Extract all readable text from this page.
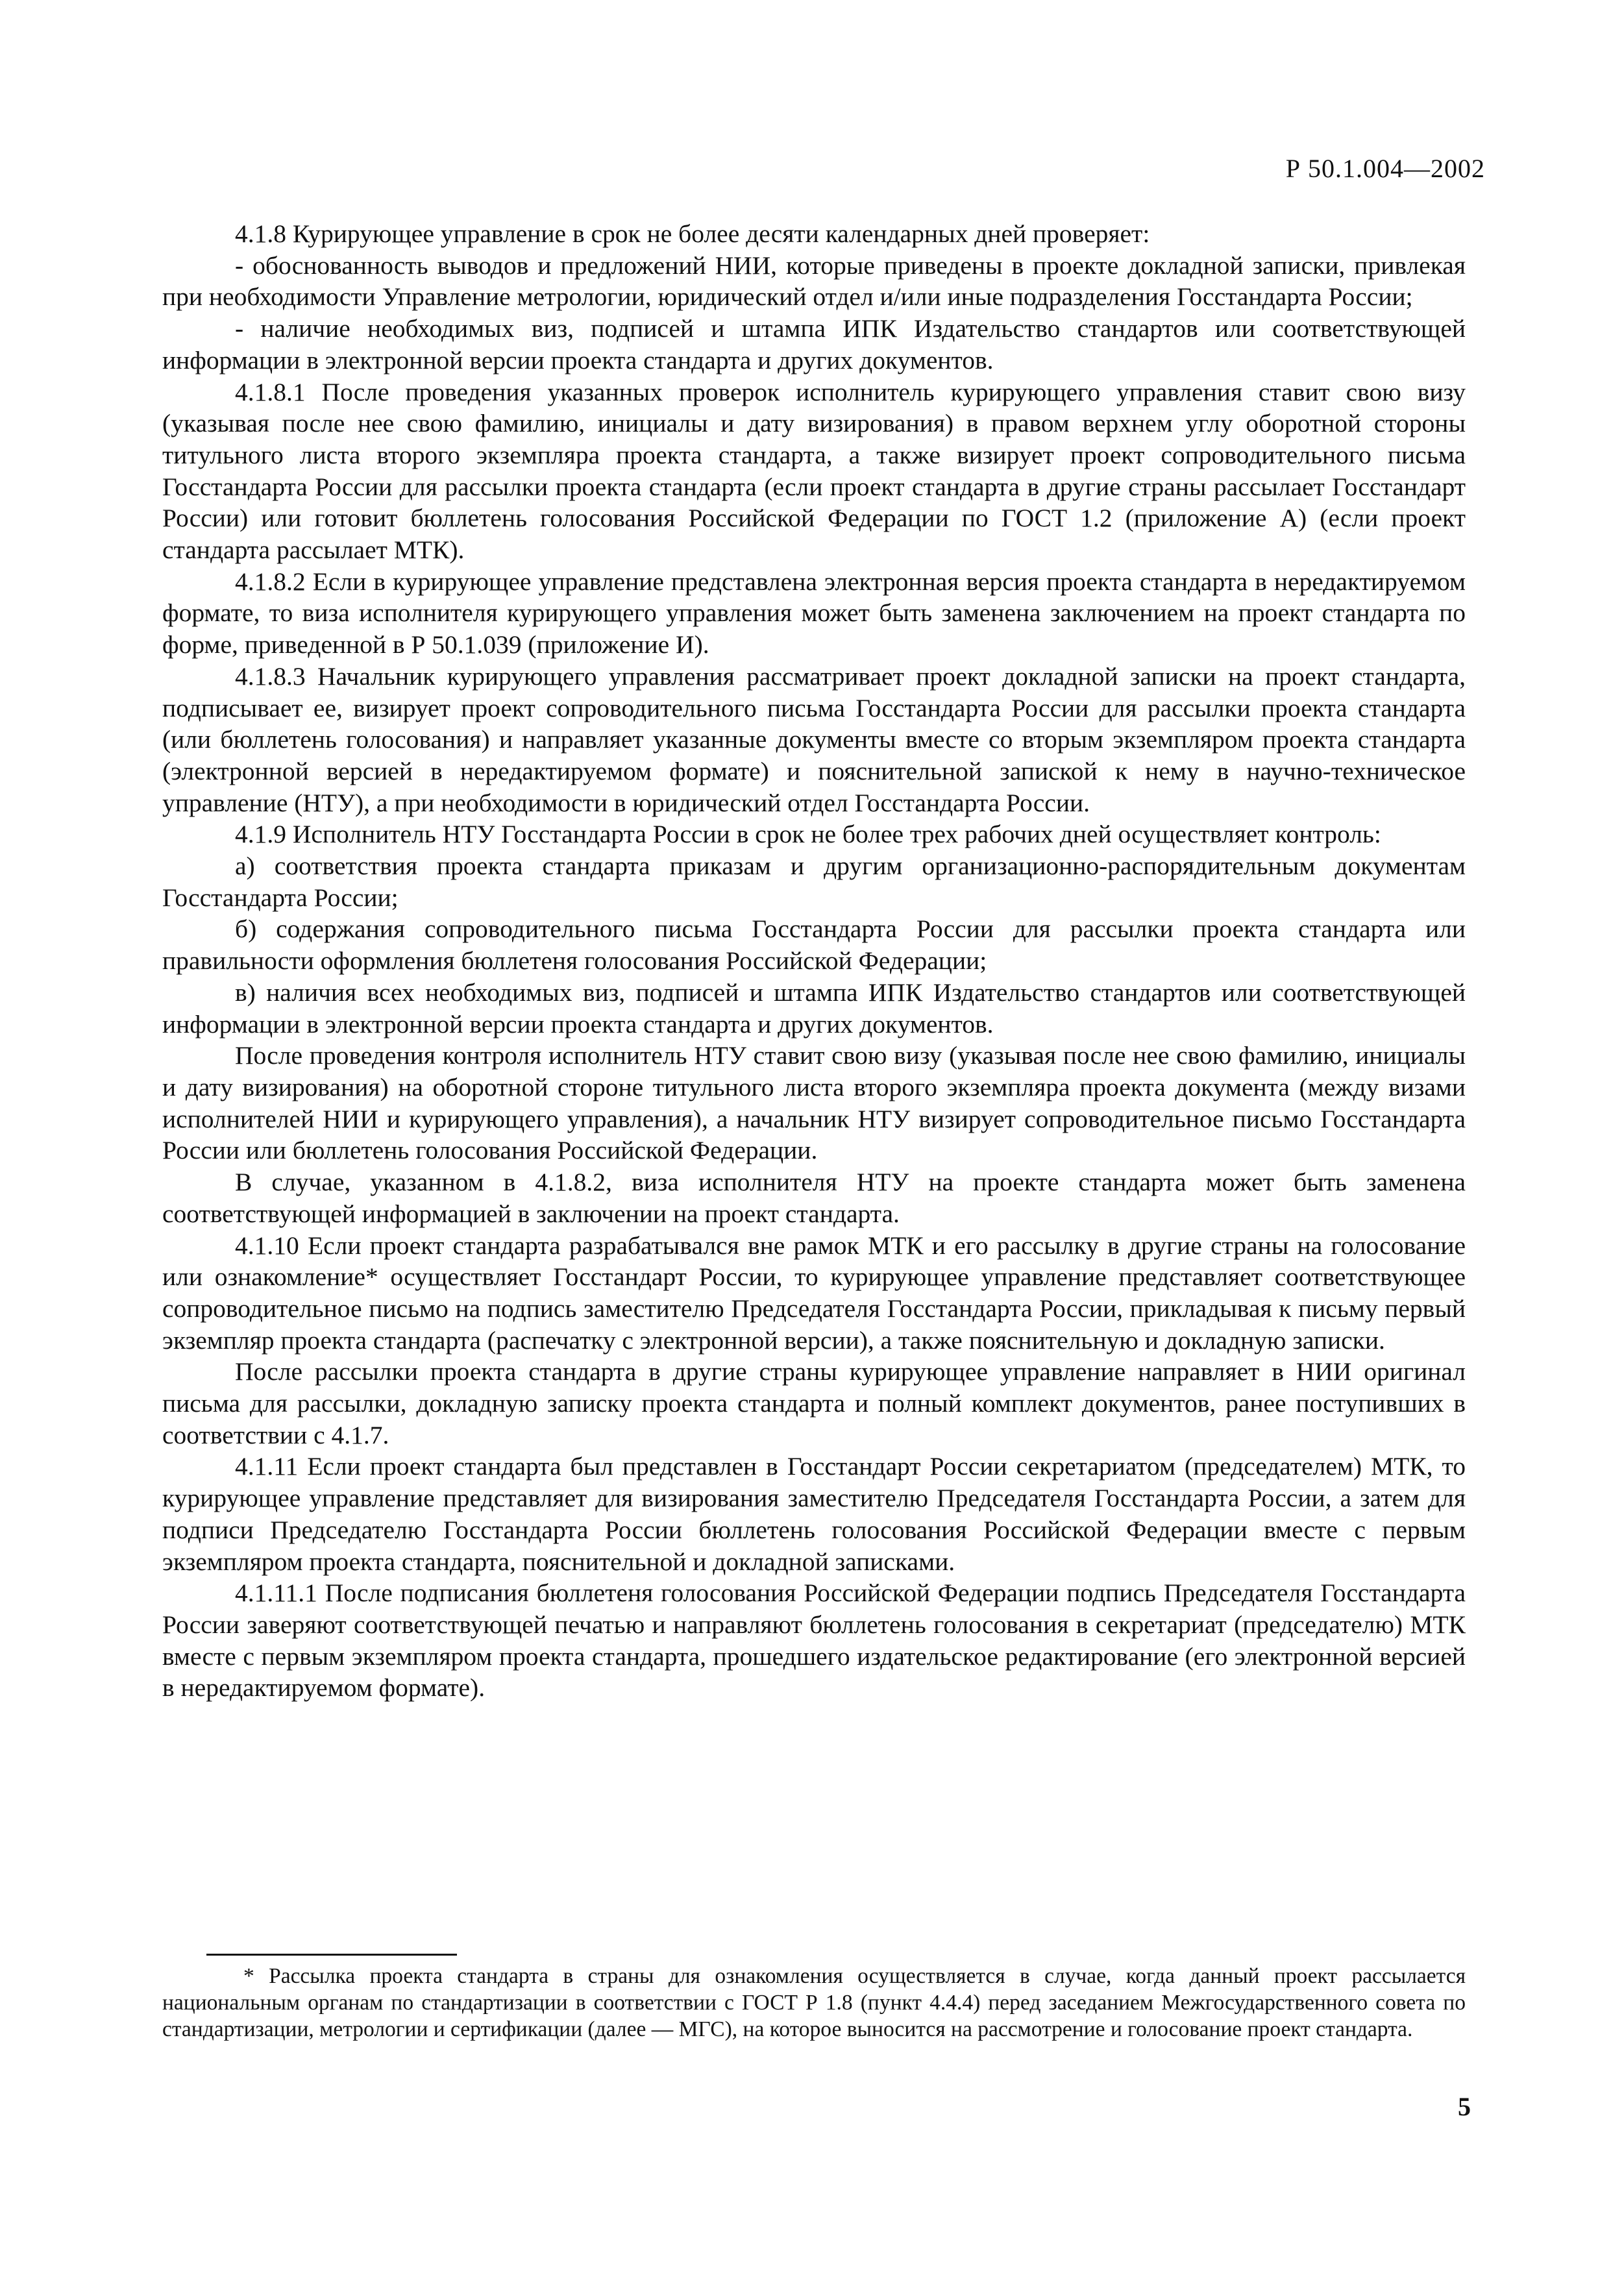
Р 50.1.004—2002

4.1.8 Курирующее управление в срок не более десяти календарных дней проверяет:

- обоснованность выводов и предложений НИИ, которые приведены в проекте докладной записки, привлекая при необходимости Управление метрологии, юридический отдел и/или иные подразделения Госстандарта России;

- наличие необходимых виз, подписей и штампа ИПК Издательство стандартов или соответствующей информации в электронной версии проекта стандарта и других документов.

4.1.8.1 После проведения указанных проверок исполнитель курирующего управления ставит свою визу (указывая после нее свою фамилию, инициалы и дату визирования) в правом верхнем углу оборотной стороны титульного листа второго экземпляра проекта стандарта, а также визирует проект сопроводительного письма Госстандарта России для рассылки проекта стандарта (если проект стандарта в другие страны рассылает Госстандарт России) или готовит бюллетень голосования Российской Федерации по ГОСТ 1.2 (приложение А) (если проект стандарта рассылает МТК).

4.1.8.2 Если в курирующее управление представлена электронная версия проекта стандарта в нередактируемом формате, то виза исполнителя курирующего управления может быть заменена заключением на проект стандарта по форме, приведенной в Р 50.1.039 (приложение И).

4.1.8.3 Начальник курирующего управления рассматривает проект докладной записки на проект стандарта, подписывает ее, визирует проект сопроводительного письма Госстандарта России для рассылки проекта стандарта (или бюллетень голосования) и направляет указанные документы вместе со вторым экземпляром проекта стандарта (электронной версией в нередактируемом формате) и пояснительной запиской к нему в научно-техническое управление (НТУ), а при необходимости в юридический отдел Госстандарта России.

4.1.9 Исполнитель НТУ Госстандарта России в срок не более трех рабочих дней осуществляет контроль:

а) соответствия проекта стандарта приказам и другим организационно-распорядительным документам Госстандарта России;

б) содержания сопроводительного письма Госстандарта России для рассылки проекта стандарта или правильности оформления бюллетеня голосования Российской Федерации;

в) наличия всех необходимых виз, подписей и штампа ИПК Издательство стандартов или соответствующей информации в электронной версии проекта стандарта и других документов.

После проведения контроля исполнитель НТУ ставит свою визу (указывая после нее свою фамилию, инициалы и дату визирования) на оборотной стороне титульного листа второго экземпляра проекта документа (между визами исполнителей НИИ и курирующего управления), а начальник НТУ визирует сопроводительное письмо Госстандарта России или бюллетень голосования Российской Федерации.

В случае, указанном в 4.1.8.2, виза исполнителя НТУ на проекте стандарта может быть заменена соответствующей информацией в заключении на проект стандарта.

4.1.10 Если проект стандарта разрабатывался вне рамок МТК и его рассылку в другие страны на голосование или ознакомление* осуществляет Госстандарт России, то курирующее управление представляет соответствующее сопроводительное письмо на подпись заместителю Председателя Госстандарта России, прикладывая к письму первый экземпляр проекта стандарта (распечатку с электронной версии), а также пояснительную и докладную записки.

После рассылки проекта стандарта в другие страны курирующее управление направляет в НИИ оригинал письма для рассылки, докладную записку проекта стандарта и полный комплект документов, ранее поступивших в соответствии с 4.1.7.

4.1.11 Если проект стандарта был представлен в Госстандарт России секретариатом (председателем) МТК, то курирующее управление представляет для визирования заместителю Председателя Госстандарта России, а затем для подписи Председателю Госстандарта России бюллетень голосования Российской Федерации вместе с первым экземпляром проекта стандарта, пояснительной и докладной записками.

4.1.11.1 После подписания бюллетеня голосования Российской Федерации подпись Председателя Госстандарта России заверяют соответствующей печатью и направляют бюллетень голосования в секретариат (председателю) МТК вместе с первым экземпляром проекта стандарта, прошедшего издательское редактирование (его электронной версией в нередактируемом формате).

* Рассылка проекта стандарта в страны для ознакомления осуществляется в случае, когда данный проект рассылается национальным органам по стандартизации в соответствии с ГОСТ Р 1.8 (пункт 4.4.4) перед заседанием Межгосударственного совета по стандартизации, метрологии и сертификации (далее — МГС), на которое выносится на рассмотрение и голосование проект стандарта.
5
